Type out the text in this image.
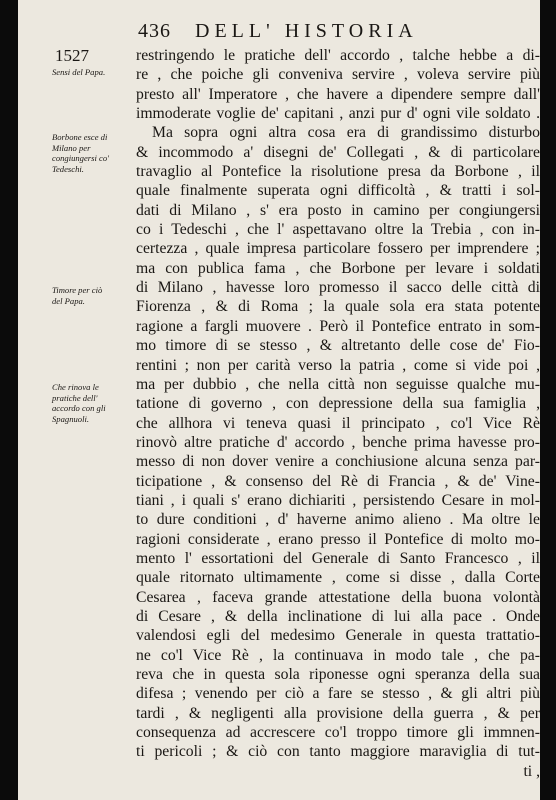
436 DELL' HISTORIA
1527
Sensi del Papa.
Borbone esce di Milano per congiungersi co' Tedeschi.
Timore per ciò del Papa.
Che rinova le pratiche dell' accordo con gli Spagnuoli.
restringendo le pratiche dell' accordo , talche hebbe a di-
re , che poiche gli conveniva servire , voleva servire più
presto all' Imperatore , che havere a dipendere sempre dall'
immoderate voglie de' capitani , anzi pur d' ogni vile soldato .
Ma sopra ogni altra cosa era di grandissimo disturbo
& incommodo a' disegni de' Collegati , & di particolare
travaglio al Pontefice la risolutione presa da Borbone , il
quale finalmente superata ogni difficoltà , & tratti i sol-
dati di Milano , s' era posto in camino per congiungersi
co i Tedeschi , che l' aspettavano oltre la Trebia , con in-
certezza , quale impresa particolare fossero per imprendere ;
ma con publica fama , che Borbone per levare i soldati
di Milano , havesse loro promesso il sacco delle città di
Fiorenza , & di Roma ; la quale sola era stata potente
ragione a fargli muovere . Però il Pontefice entrato in som-
mo timore di se stesso , & altretanto delle cose de' Fio-
rentini ; non per carità verso la patria , come si vide poi ,
ma per dubbio , che nella città non seguisse qualche mu-
tatione di governo , con depressione della sua famiglia ,
che allhora vi teneva quasi il principato , co'l Vice Rè
rinovò altre pratiche d' accordo , benche prima havesse pro-
messo di non dover venire a conchiusione alcuna senza par-
ticipatione , & consenso del Rè di Francia , & de' Vine-
tiani , i quali s' erano dichiariti , persistendo Cesare in mol-
to dure conditioni , d' haverne animo alieno . Ma oltre le
ragioni considerate , erano presso il Pontefice di molto mo-
mento l' essortationi del Generale di Santo Francesco , il
quale ritornato ultimamente , come si disse , dalla Corte
Cesarea , faceva grande attestatione della buona volontà
di Cesare , & della inclinatione di lui alla pace . Onde
valendosi egli del medesimo Generale in questa trattatio-
ne co'l Vice Rè , la continuava in modo tale , che pa-
reva che in questa sola riponesse ogni speranza della sua
difesa ; venendo per ciò a fare se stesso , & gli altri più
tardi , & negligenti alla provisione della guerra , & per
consequenza ad accrescere co'l troppo timore gli immnen-
ti pericoli ; & ciò con tanto maggiore maraviglia di tut-
ti ,
